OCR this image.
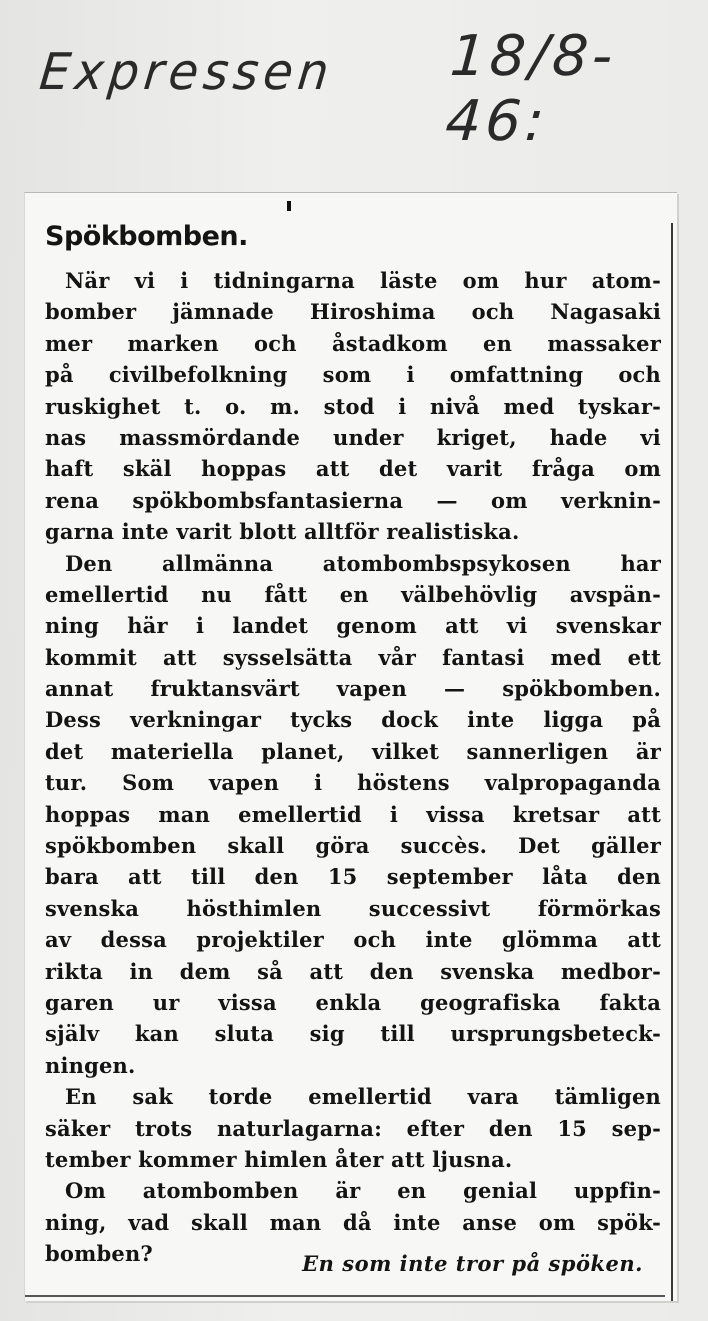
Expressen 18/8-46:
Spökbomben.
När vi i tidningarna läste om hur atom-
bomber jämnade Hiroshima och Nagasaki
mer marken och åstadkom en massaker
på civilbefolkning som i omfattning och
ruskighet t. o. m. stod i nivå med tyskar-
nas massmördande under kriget, hade vi
haft skäl hoppas att det varit fråga om
rena spökbombsfantasierna — om verknin-
garna inte varit blott alltför realistiska.
Den allmänna atombombspsykosen har
emellertid nu fått en välbehövlig avspän-
ning här i landet genom att vi svenskar
kommit att sysselsätta vår fantasi med ett
annat fruktansvärt vapen — spökbomben.
Dess verkningar tycks dock inte ligga på
det materiella planet, vilket sannerligen är
tur. Som vapen i höstens valpropaganda
hoppas man emellertid i vissa kretsar att
spökbomben skall göra succès. Det gäller
bara att till den 15 september låta den
svenska hösthimlen successivt förmörkas
av dessa projektiler och inte glömma att
rikta in dem så att den svenska medbor-
garen ur vissa enkla geografiska fakta
själv kan sluta sig till ursprungsbeteck-
ningen.
En sak torde emellertid vara tämligen
säker trots naturlagarna: efter den 15 sep-
tember kommer himlen åter att ljusna.
Om atombomben är en genial uppfin-
ning, vad skall man då inte anse om spök-
bomben?	En som inte tror på spöken.
